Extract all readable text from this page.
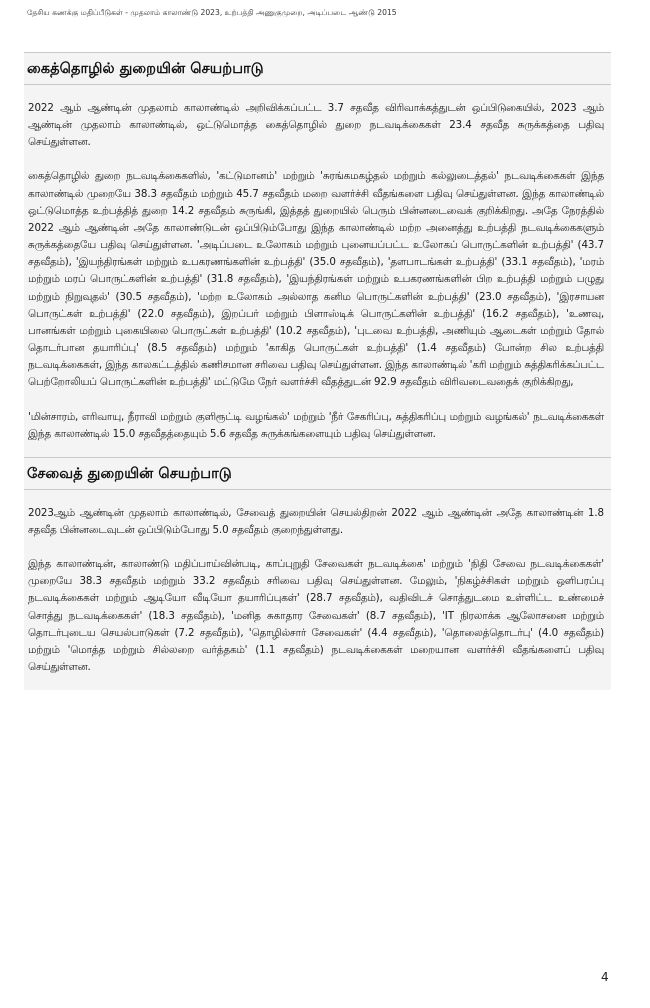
தேசிய கணக்கு மதிப்பீடுகள் - முதலாம் காலாண்டு 2023, உற்பத்தி அணுகுமுறை, அடிப்படை ஆண்டு 2015
கைத்தொழில் துறையின் செயற்பாடு

2022 ஆம் ஆண்டின் முதலாம் காலாண்டில் அறிவிக்கப்பட்ட 3.7 சதவீத விரிவாக்கத்துடன் ஒப்பிடுகையில், 2023 ஆம் ஆண்டின் முதலாம் காலாண்டில், ஒட்டுமொத்த கைத்தொழில் துறை நடவடிக்கைகள் 23.4 சதவீத சுருக்கத்தை பதிவு செய்துள்ளன.

கைத்தொழில் துறை நடவடிக்கைகளில், 'கட்டுமானம்' மற்றும் 'சுரங்கமகழ்தல் மற்றும் கல்லுடைத்தல்' நடவடிக்கைகள் இந்த காலாண்டில் முறையே 38.3 சதவீதம் மற்றும் 45.7 சதவீதம் மறை வளர்ச்சி வீதங்களை பதிவு செய்துள்ளன. இந்த காலாண்டில் ஒட்டுமொத்த உற்பத்தித் துறை 14.2 சதவீதம் சுருங்கி, இத்தத் துறையில் பெரும் பின்னடைவைக் குறிக்கிறது. அதே நேரத்தில் 2022 ஆம் ஆண்டின் அதே காலாண்டுடன் ஒப்பிடும்போது இந்த காலாண்டில் மற்ற அனைத்து உற்பத்தி நடவடிக்கைகளும் சுருக்கத்தையே பதிவு செய்துள்ளன. 'அடிப்படை உலோகம் மற்றும் புனையப்பட்ட உலோகப் பொருட்களின் உற்பத்தி' (43.7 சதவீதம்), 'இயந்திரங்கள் மற்றும் உபகரணங்களின் உற்பத்தி' (35.0 சதவீதம்), 'தளபாடங்கள் உற்பத்தி' (33.1 சதவீதம்), 'மரம் மற்றும் மரப் பொருட்களின் உற்பத்தி' (31.8 சதவீதம்), 'இயந்திரங்கள் மற்றும் உபகரணங்களின் பிற உற்பத்தி மற்றும் பழுது மற்றும் நிறுவுதல்' (30.5 சதவீதம்), 'மற்ற உலோகம் அல்லாத கனிம பொருட்களின் உற்பத்தி' (23.0 சதவீதம்), 'இரசாயன பொருட்கள் உற்பத்தி' (22.0 சதவீதம்), இறப்பர் மற்றும் பிளாஸ்டிக் பொருட்களின் உற்பத்தி' (16.2 சதவீதம்), 'உணவு, பானங்கள் மற்றும் புகையிலை பொருட்கள் உற்பத்தி' (10.2 சதவீதம்), 'புடவை உற்பத்தி, அணியும் ஆடைகள் மற்றும் தோல் தொடர்பான தயாரிப்பு' (8.5 சதவீதம்) மற்றும் 'காகித பொருட்கள் உற்பத்தி' (1.4 சதவீதம்) போன்ற சில உற்பத்தி நடவடிக்கைகள், இந்த காலகட்டத்தில் கணிசமான சரிவை பதிவு செய்துள்ளன. இந்த காலாண்டில் 'கரி மற்றும் சுத்திகரிக்கப்பட்ட பெற்றோலியப் பொருட்களின் உற்பத்தி' மட்டுமே நேர் வளர்ச்சி வீதத்துடன் 92.9 சதவீதம் விரிவடைவதைக் குறிக்கிறது,

'மின்சாரம், எரிவாயு, நீராவி மற்றும் குளிரூட்டி வழங்கல்' மற்றும் 'நீர் சேகரிப்பு, சுத்திகரிப்பு மற்றும் வழங்கல்' நடவடிக்கைகள் இந்த காலாண்டில் 15.0 சதவீதத்தையும் 5.6 சதவீத சுருக்கங்களையும் பதிவு செய்துள்ளன.

சேவைத் துறையின் செயற்பாடு

2023ஆம் ஆண்டின் முதலாம் காலாண்டில், சேவைத் துறையின் செயல்திறன் 2022 ஆம் ஆண்டின் அதே காலாண்டின் 1.8 சதவீத பின்னடைவுடன் ஒப்பிடும்போது 5.0 சதவீதம் குறைந்துள்ளது.

இந்த காலாண்டின், காலாண்டு மதிப்பாய்வின்படி, காப்புறுதி சேவைகள் நடவடிக்கை' மற்றும் 'நிதி சேவை நடவடிக்கைகள்' முறையே 38.3 சதவீதம் மற்றும் 33.2 சதவீதம் சரிவை பதிவு செய்துள்ளன. மேலும், 'நிகழ்ச்சிகள் மற்றும் ஒளிபரப்பு நடவடிக்கைகள் மற்றும் ஆடியோ வீடியோ தயாரிப்புகள்' (28.7 சதவீதம்), வதிவிடச் சொத்துடமை உள்ளிட்ட உண்மைச் சொத்து நடவடிக்கைகள்' (18.3 சதவீதம்), 'மனித சுகாதார சேவைகள்' (8.7 சதவீதம்), 'IT நிரலாக்க ஆலோசனை மற்றும் தொடர்புடைய செயல்பாடுகள் (7.2 சதவீதம்), 'தொழில்சார் சேவைகள்' (4.4 சதவீதம்), 'தொலைத்தொடர்பு' (4.0 சதவீதம்) மற்றும் 'மொத்த மற்றும் சில்லறை வர்த்தகம்' (1.1 சதவீதம்) நடவடிக்கைகள் மறையான வளர்ச்சி வீதங்களைப் பதிவு செய்துள்ளன.

4
